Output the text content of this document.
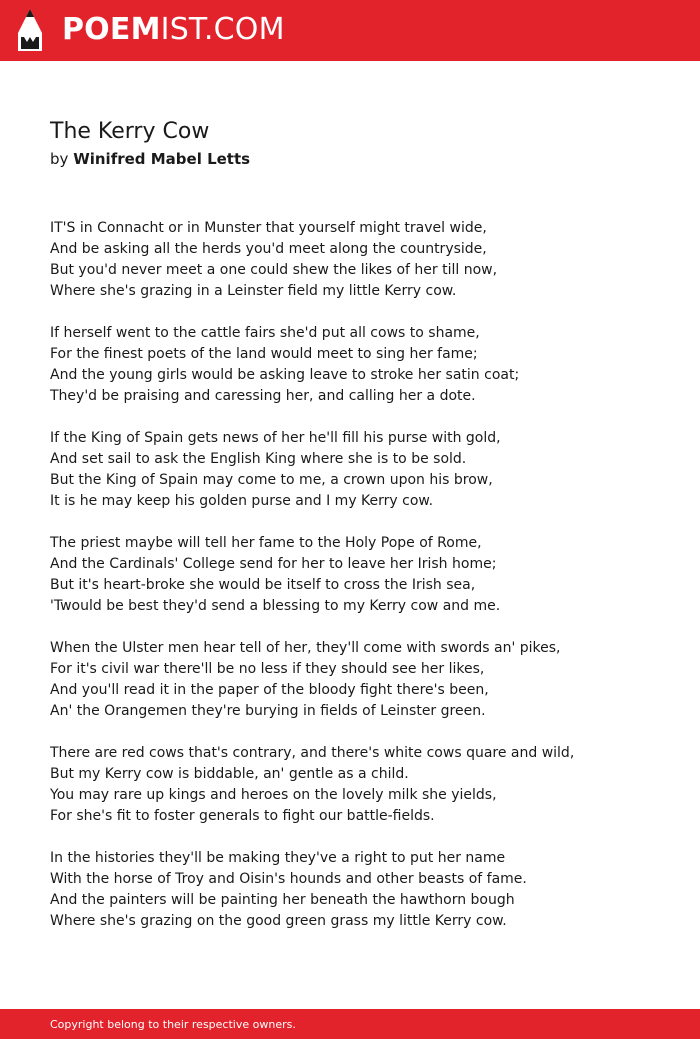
POEMIST.COM
The Kerry Cow
by Winifred Mabel Letts
IT'S in Connacht or in Munster that yourself might travel wide,
And be asking all the herds you'd meet along the countryside,
But you'd never meet a one could shew the likes of her till now,
Where she's grazing in a Leinster field my little Kerry cow.
If herself went to the cattle fairs she'd put all cows to shame,
For the finest poets of the land would meet to sing her fame;
And the young girls would be asking leave to stroke her satin coat;
They'd be praising and caressing her, and calling her a dote.
If the King of Spain gets news of her he'll fill his purse with gold,
And set sail to ask the English King where she is to be sold.
But the King of Spain may come to me, a crown upon his brow,
It is he may keep his golden purse and I my Kerry cow.
The priest maybe will tell her fame to the Holy Pope of Rome,
And the Cardinals' College send for her to leave her Irish home;
But it's heart-broke she would be itself to cross the Irish sea,
'Twould be best they'd send a blessing to my Kerry cow and me.
When the Ulster men hear tell of her, they'll come with swords an' pikes,
For it's civil war there'll be no less if they should see her likes,
And you'll read it in the paper of the bloody fight there's been,
An' the Orangemen they're burying in fields of Leinster green.
There are red cows that's contrary, and there's white cows quare and wild,
But my Kerry cow is biddable, an' gentle as a child.
You may rare up kings and heroes on the lovely milk she yields,
For she's fit to foster generals to fight our battle-fields.
In the histories they'll be making they've a right to put her name
With the horse of Troy and Oisin's hounds and other beasts of fame.
And the painters will be painting her beneath the hawthorn bough
Where she's grazing on the good green grass my little Kerry cow.
Copyright belong to their respective owners.
